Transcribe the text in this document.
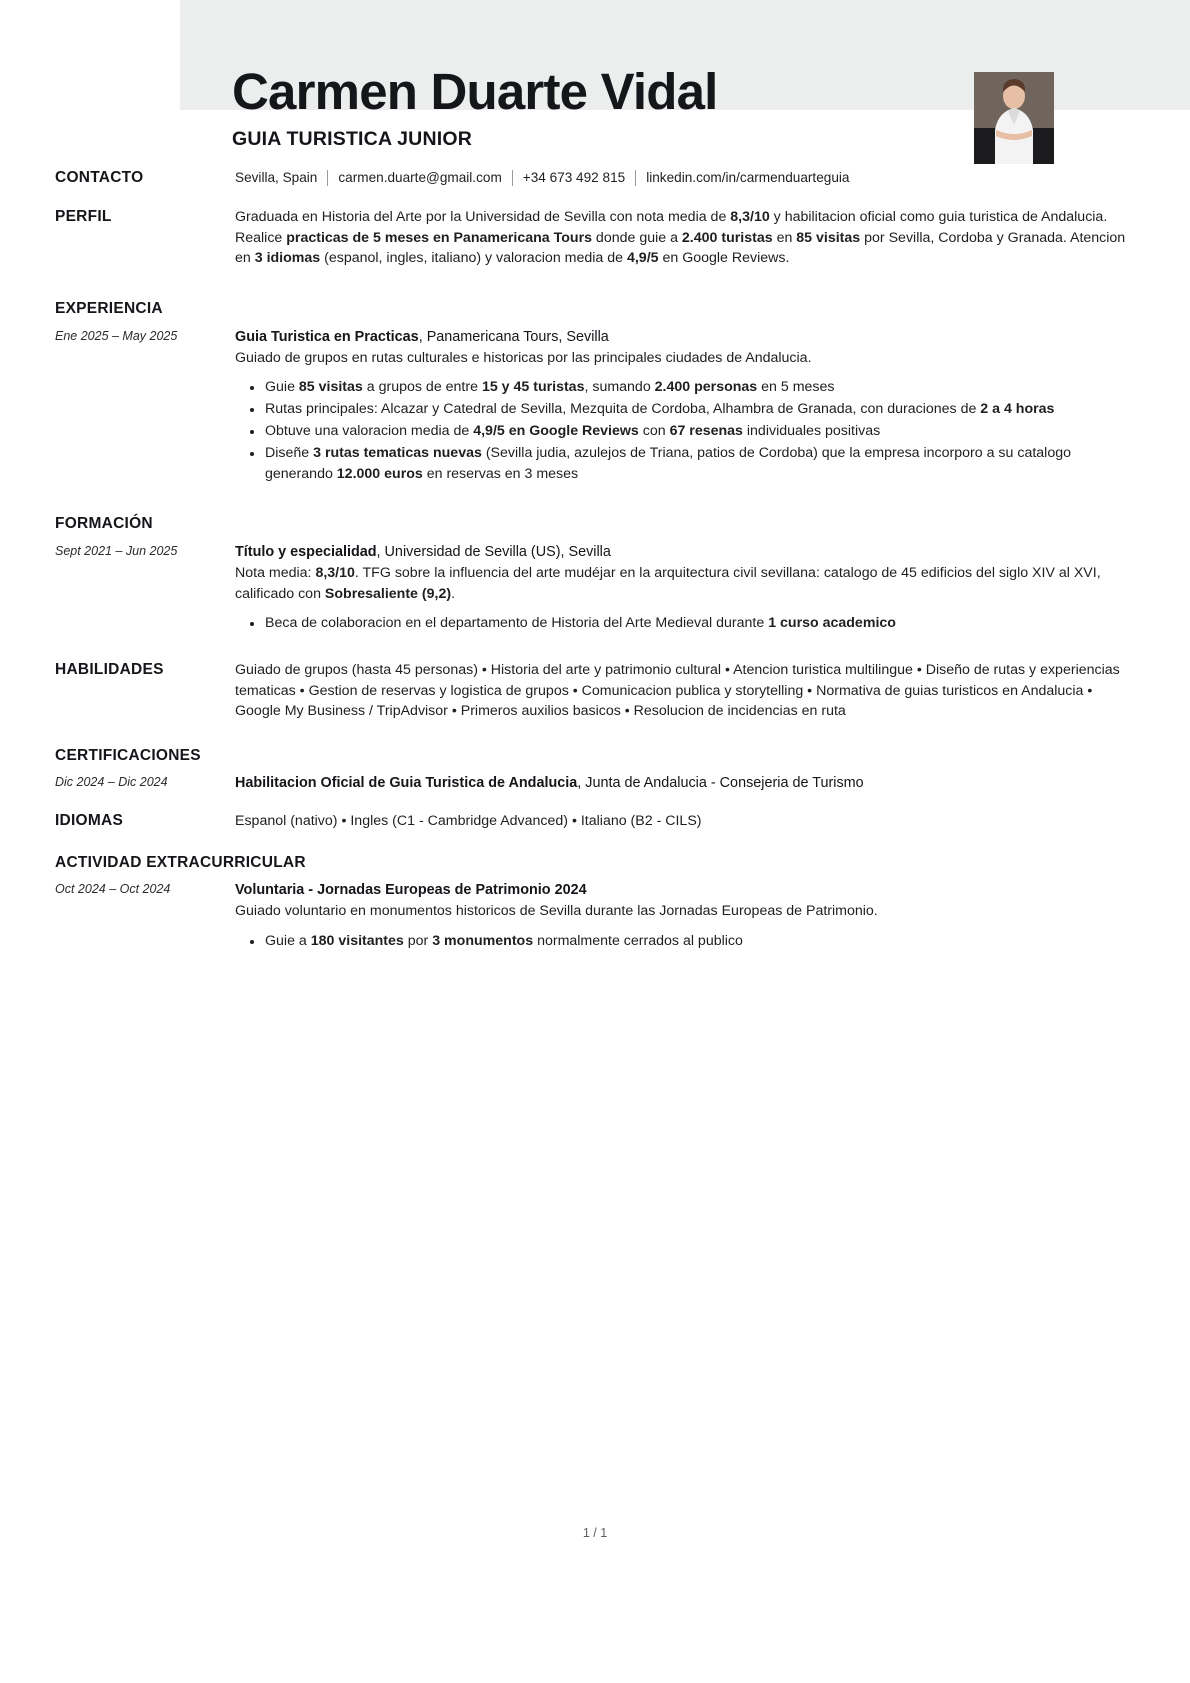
Carmen Duarte Vidal
GUIA TURISTICA JUNIOR
CONTACTO	Sevilla, Spain carmen.duarte@gmail.com +34 673 492 815 linkedin.com/in/carmenduarteguia
PERFIL	Graduada en Historia del Arte por la Universidad de Sevilla con nota media de 8,3/10 y habilitacion oficial como guia turistica de Andalucia. Realice practicas de 5 meses en Panamericana Tours donde guie a 2.400 turistas en 85 visitas por Sevilla, Cordoba y Granada. Atencion en 3 idiomas (espanol, ingles, italiano) y valoracion media de 4,9/5 en Google Reviews.
EXPERIENCIA
Ene 2025 – May 2025	Guia Turistica en Practicas, Panamericana Tours, Sevilla
Guiado de grupos en rutas culturales e historicas por las principales ciudades de Andalucia.
Guie 85 visitas a grupos de entre 15 y 45 turistas, sumando 2.400 personas en 5 meses
Rutas principales: Alcazar y Catedral de Sevilla, Mezquita de Cordoba, Alhambra de Granada, con duraciones de 2 a 4 horas
Obtuve una valoracion media de 4,9/5 en Google Reviews con 67 resenas individuales positivas
Diseñe 3 rutas tematicas nuevas (Sevilla judia, azulejos de Triana, patios de Cordoba) que la empresa incorporo a su catalogo generando 12.000 euros en reservas en 3 meses
FORMACIÓN
Sept 2021 – Jun 2025	Título y especialidad, Universidad de Sevilla (US), Sevilla
Nota media: 8,3/10. TFG sobre la influencia del arte mudéjar en la arquitectura civil sevillana: catalogo de 45 edificios del siglo XIV al XVI, calificado con Sobresaliente (9,2).
Beca de colaboracion en el departamento de Historia del Arte Medieval durante 1 curso academico
HABILIDADES	Guiado de grupos (hasta 45 personas) • Historia del arte y patrimonio cultural • Atencion turistica multilingue • Diseño de rutas y experiencias tematicas • Gestion de reservas y logistica de grupos • Comunicacion publica y storytelling • Normativa de guias turisticos en Andalucia • Google My Business / TripAdvisor • Primeros auxilios basicos • Resolucion de incidencias en ruta
CERTIFICACIONES
Dic 2024 – Dic 2024	Habilitacion Oficial de Guia Turistica de Andalucia, Junta de Andalucia - Consejeria de Turismo
IDIOMAS	Espanol (nativo) • Ingles (C1 - Cambridge Advanced) • Italiano (B2 - CILS)
ACTIVIDAD EXTRACURRICULAR
Oct 2024 – Oct 2024	Voluntaria - Jornadas Europeas de Patrimonio 2024
Guiado voluntario en monumentos historicos de Sevilla durante las Jornadas Europeas de Patrimonio.
Guie a 180 visitantes por 3 monumentos normalmente cerrados al publico
1 / 1
